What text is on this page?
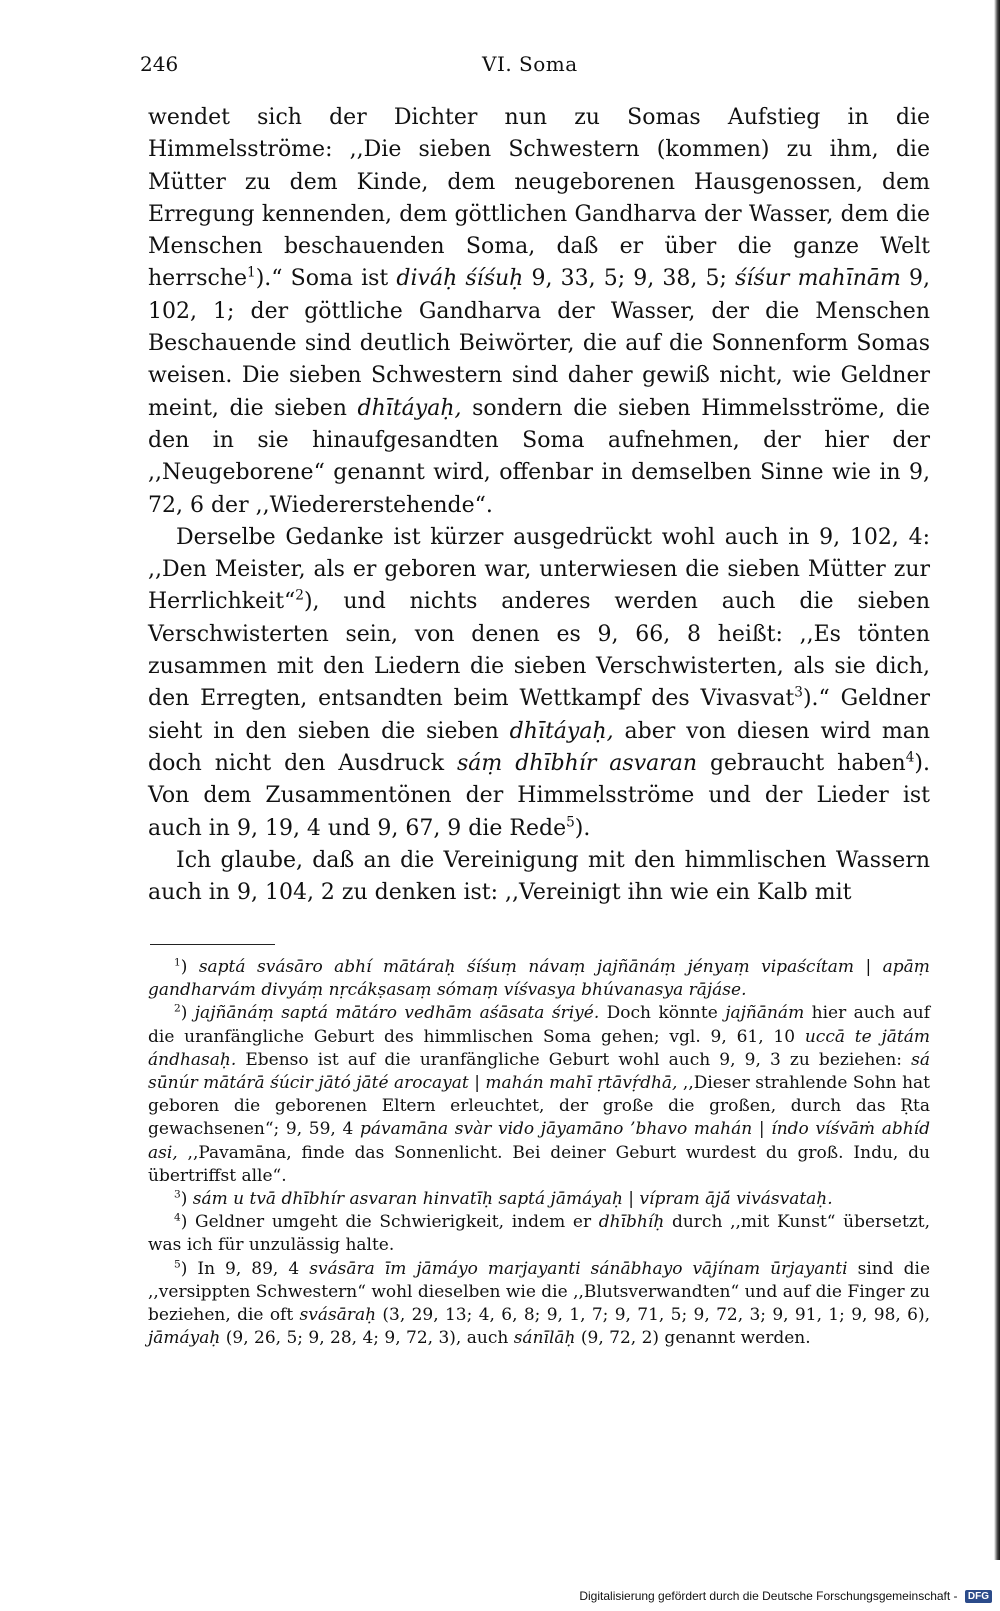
246	VI. Soma

wendet sich der Dichter nun zu Somas Aufstieg in die Himmelsströme: ,,Die sieben Schwestern (kommen) zu ihm, die Mütter zu dem Kinde, dem neugeborenen Hausgenossen, dem Erregung kennenden, dem göttlichen Gandharva der Wasser, dem die Menschen beschauenden Soma, daß er über die ganze Welt herrsche$^1$).“ Soma ist diváḥ śíśuḥ 9, 33, 5; 9, 38, 5; śíśur mahīnām 9, 102, 1; der göttliche Gandharva der Wasser, der die Menschen Beschauende sind deutlich Beiwörter, die auf die Sonnenform Somas weisen. Die sieben Schwestern sind daher gewiß nicht, wie Geldner meint, die sieben dhītáyaḥ, sondern die sieben Himmelsströme, die den in sie hinaufgesandten Soma aufnehmen, der hier der ,,Neugeborene“ genannt wird, offenbar in demselben Sinne wie in 9, 72, 6 der ,,Wiedererstehende“.

Derselbe Gedanke ist kürzer ausgedrückt wohl auch in 9, 102, 4: ,,Den Meister, als er geboren war, unterwiesen die sieben Mütter zur Herrlichkeit“$^2$), und nichts anderes werden auch die sieben Verschwisterten sein, von denen es 9, 66, 8 heißt: ,,Es tönten zusammen mit den Liedern die sieben Verschwisterten, als sie dich, den Erregten, entsandten beim Wettkampf des Vivasvat$^3$).“ Geldner sieht in den sieben die sieben dhītáyaḥ, aber von diesen wird man doch nicht den Ausdruck sáṃ dhībhír asvaran gebraucht haben$^4$). Von dem Zusammentönen der Himmelsströme und der Lieder ist auch in 9, 19, 4 und 9, 67, 9 die Rede$^5$).

Ich glaube, daß an die Vereinigung mit den himmlischen Wassern auch in 9, 104, 2 zu denken ist: ,,Vereinigt ihn wie ein Kalb mit

$^1$) saptá svásāro abhí mātáraḥ śíśuṃ návaṃ jajñānáṃ jényaṃ vipaścítam | apāṃ gandharvám divyáṃ nṛcákṣasaṃ sómaṃ víśvasya bhúvanasya rājáse.

$^2$) jajñānáṃ saptá mātáro vedhām aśāsata śriyé. Doch könnte jajñānám hier auch auf die uranfängliche Geburt des himmlischen Soma gehen; vgl. 9, 61, 10 uccā te jātám ándhasaḥ. Ebenso ist auf die uranfängliche Geburt wohl auch 9, 9, 3 zu beziehen: sá sūnúr mātárā śúcir jātó jāté arocayat | mahán mahī ṛtāvṛ́dhā, ,,Dieser strahlende Sohn hat geboren die geborenen Eltern erleuchtet, der große die großen, durch das Ṛta gewachsenen“; 9, 59, 4 pávamāna svàr vido jāyamāno ’bhavo mahán | índo víśvāṁ abhíd asi, ,,Pavamāna, finde das Sonnenlicht. Bei deiner Geburt wurdest du groß. Indu, du übertriffst alle“.

$^3$) sám u tvā dhībhír asvaran hinvatīḥ saptá jāmáyaḥ | vípram ājā́ vivásvataḥ.

$^4$) Geldner umgeht die Schwierigkeit, indem er dhībhíḥ durch ,,mit Kunst“ übersetzt, was ich für unzulässig halte.

$^5$) In 9, 89, 4 svásāra īm jāmáyo marjayanti sánābhayo vājínam ūrjayanti sind die ,,versippten Schwestern“ wohl dieselben wie die ,,Blutsverwandten“ und auf die Finger zu beziehen, die oft svásāraḥ (3, 29, 13; 4, 6, 8; 9, 1, 7; 9, 71, 5; 9, 72, 3; 9, 91, 1; 9, 98, 6), jāmáyaḥ (9, 26, 5; 9, 28, 4; 9, 72, 3), auch sánīlāḥ (9, 72, 2) genannt werden.

Digitalisierung gefördert durch die Deutsche Forschungsgemeinschaft - DFG
